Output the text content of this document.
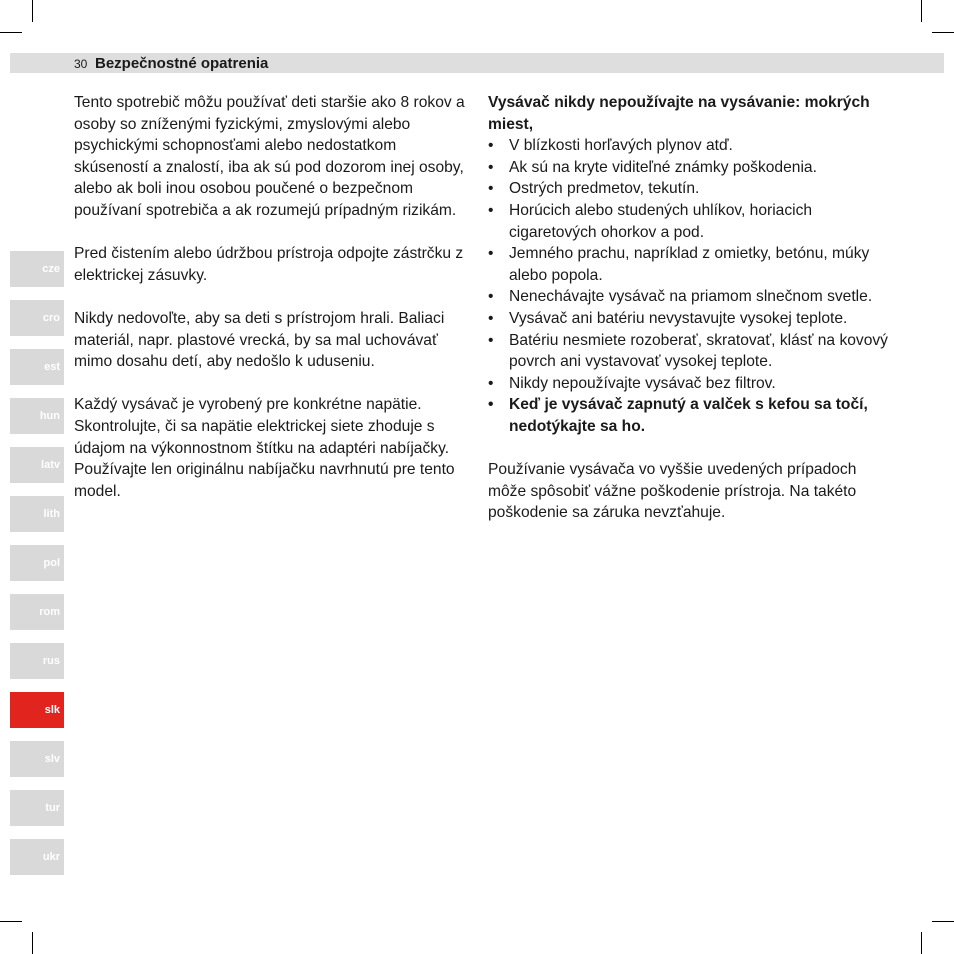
30 Bezpečnostné opatrenia
cze
cro
est
hun
latv
lith
pol
rom
rus
slk
slv
tur
ukr

Tento spotrebič môžu používať deti staršie ako 8 rokov a osoby so zníženými fyzickými, zmyslovými alebo psychickými schopnosťami alebo nedostatkom skúseností a znalostí, iba ak sú pod dozorom inej osoby, alebo ak boli inou osobou poučené o bezpečnom používaní spotrebiča a ak rozumejú prípadným rizikám.

Pred čistením alebo údržbou prístroja odpojte zástrčku z elektrickej zásuvky.

Nikdy nedovoľte, aby sa deti s prístrojom hrali. Baliaci materiál, napr. plastové vrecká, by sa mal uchovávať mimo dosahu detí, aby nedošlo k uduseniu.

Každý vysávač je vyrobený pre konkrétne napätie. Skontrolujte, či sa napätie elektrickej siete zhoduje s údajom na výkonnostnom štítku na adaptéri nabíjačky. Používajte len originálnu nabíjačku navrhnutú pre tento model.

Vysávač nikdy nepoužívajte na vysávanie: mokrých miest,

• V blízkosti horľavých plynov atď.
• Ak sú na kryte viditeľné známky poškodenia.
• Ostrých predmetov, tekutín.
• Horúcich alebo studených uhlíkov, horiacich cigaretových ohorkov a pod.
• Jemného prachu, napríklad z omietky, betónu, múky alebo popola.
• Nenechávajte vysávač na priamom slnečnom svetle.
• Vysávač ani batériu nevystavujte vysokej teplote.
• Batériu nesmiete rozoberať, skratovať, klásť na kovový povrch ani vystavovať vysokej teplote.
• Nikdy nepoužívajte vysávač bez filtrov.
• Keď je vysávač zapnutý a valček s kefou sa točí, nedotýkajte sa ho.

Používanie vysávača vo vyššie uvedených prípadoch môže spôsobiť vážne poškodenie prístroja. Na takéto poškodenie sa záruka nevzťahuje.
